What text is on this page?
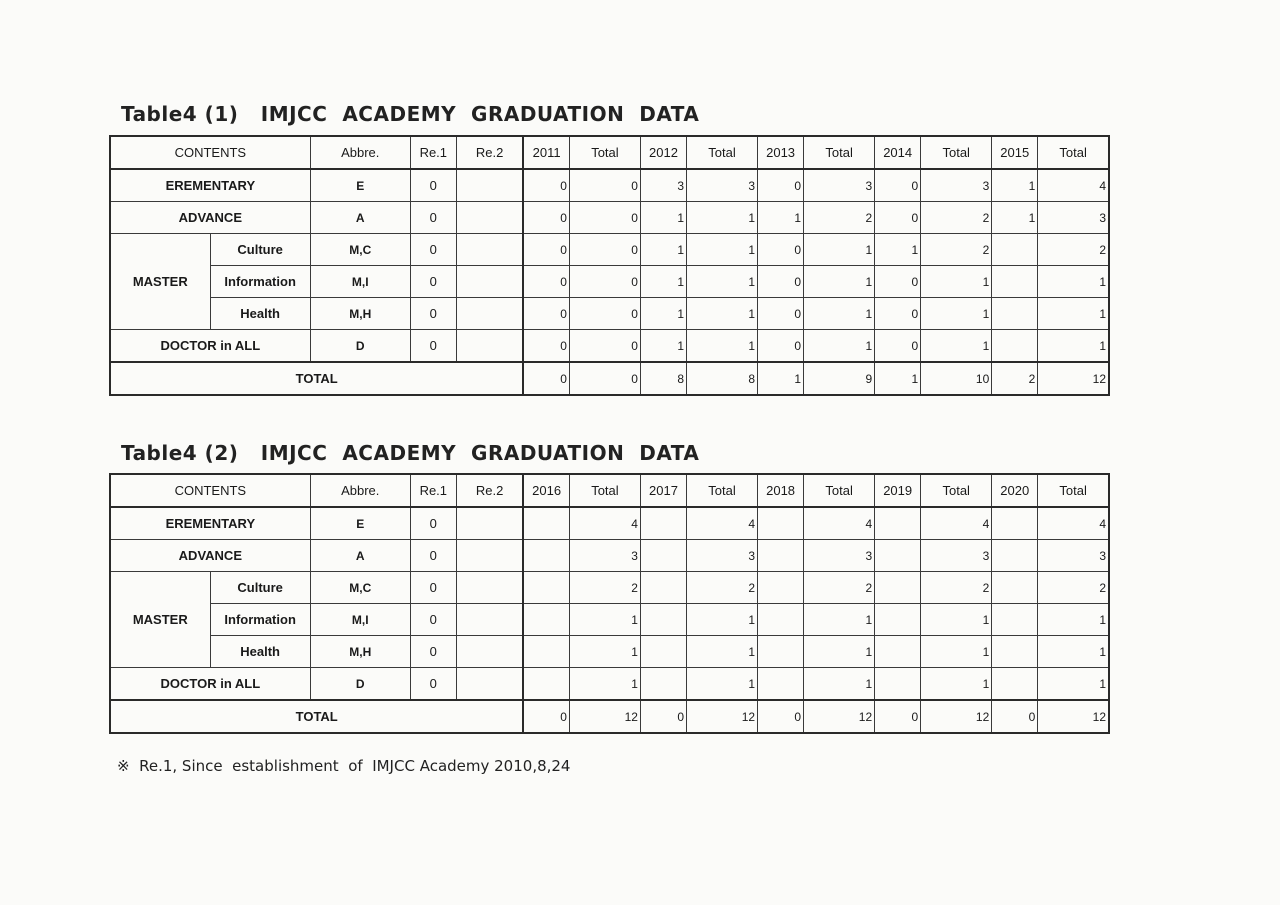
Table4 (1)   IMJCC  ACADEMY  GRADUATION  DATA
Table4 (2)   IMJCC  ACADEMY  GRADUATION  DATA
CONTENTS		Abbre.	Re.1	Re.2	2011	Total	2012	Total	2013	Total	2014	Total	2015	Total
EREMENTARY		E	0		0	0	3	3	0	3	0	3	1	4
ADVANCE		A	0		0	0	1	1	1	2	0	2	1	3
MASTER	Culture	M,C	0		0	0	1	1	0	1	1	2		2
	Information	M,I	0		0	0	1	1	0	1	0	1		1
	Health	M,H	0		0	0	1	1	0	1	0	1		1
DOCTOR in ALL		D	0		0	0	1	1	0	1	0	1		1
TOTAL					0	0	8	8	1	9	1	10	2	12
CONTENTS		Abbre.	Re.1	Re.2	2016	Total	2017	Total	2018	Total	2019	Total	2020	Total
EREMENTARY		E	0			4		4		4		4		4
ADVANCE		A	0			3		3		3		3		3
MASTER	Culture	M,C	0			2		2		2		2		2
	Information	M,I	0			1		1		1		1		1
	Health	M,H	0			1		1		1		1		1
DOCTOR in ALL		D	0			1		1		1		1		1
TOTAL					0	12	0	12	0	12	0	12	0	12
※  Re.1, Since  establishment  of  IMJCC Academy 2010,8,24
